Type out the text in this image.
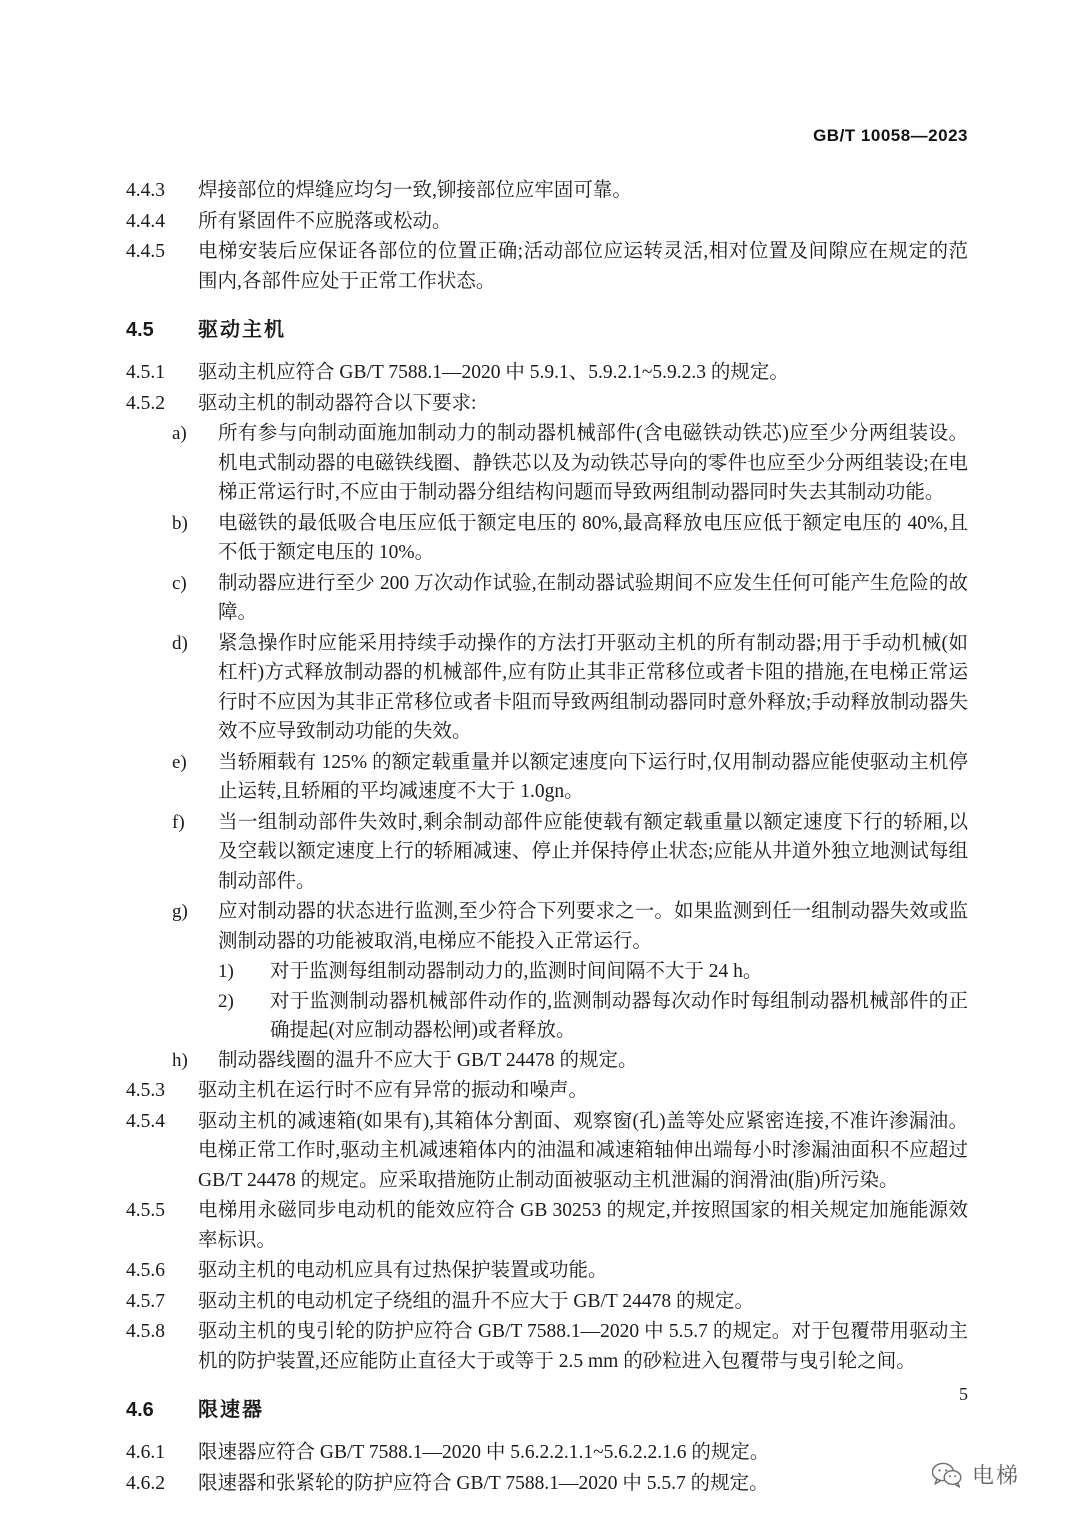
GB/T 10058—2023
4.4.3	焊接部位的焊缝应均匀一致,铆接部位应牢固可靠。
4.4.4	所有紧固件不应脱落或松动。
4.4.5	电梯安装后应保证各部位的位置正确;活动部位应运转灵活,相对位置及间隙应在规定的范围内,各部件应处于正常工作状态。
4.5	驱动主机
4.5.1	驱动主机应符合 GB/T 7588.1—2020 中 5.9.1、5.9.2.1~5.9.2.3 的规定。
4.5.2	驱动主机的制动器符合以下要求:
a)	所有参与向制动面施加制动力的制动器机械部件(含电磁铁动铁芯)应至少分两组装设。机电式制动器的电磁铁线圈、静铁芯以及为动铁芯导向的零件也应至少分两组装设;在电梯正常运行时,不应由于制动器分组结构问题而导致两组制动器同时失去其制动功能。
b)	电磁铁的最低吸合电压应低于额定电压的 80%,最高释放电压应低于额定电压的 40%,且不低于额定电压的 10%。
c)	制动器应进行至少 200 万次动作试验,在制动器试验期间不应发生任何可能产生危险的故障。
d)	紧急操作时应能采用持续手动操作的方法打开驱动主机的所有制动器;用于手动机械(如杠杆)方式释放制动器的机械部件,应有防止其非正常移位或者卡阻的措施,在电梯正常运行时不应因为其非正常移位或者卡阻而导致两组制动器同时意外释放;手动释放制动器失效不应导致制动功能的失效。
e)	当轿厢载有 125% 的额定载重量并以额定速度向下运行时,仅用制动器应能使驱动主机停止运转,且轿厢的平均减速度不大于 1.0gn。
f)	当一组制动部件失效时,剩余制动部件应能使载有额定载重量以额定速度下行的轿厢,以及空载以额定速度上行的轿厢减速、停止并保持停止状态;应能从井道外独立地测试每组制动部件。
g)	应对制动器的状态进行监测,至少符合下列要求之一。如果监测到任一组制动器失效或监测制动器的功能被取消,电梯应不能投入正常运行。
1)	对于监测每组制动器制动力的,监测时间间隔不大于 24 h。
2)	对于监测制动器机械部件动作的,监测制动器每次动作时每组制动器机械部件的正确提起(对应制动器松闸)或者释放。
h)	制动器线圈的温升不应大于 GB/T 24478 的规定。
4.5.3	驱动主机在运行时不应有异常的振动和噪声。
4.5.4	驱动主机的减速箱(如果有),其箱体分割面、观察窗(孔)盖等处应紧密连接,不准许渗漏油。电梯正常工作时,驱动主机减速箱体内的油温和减速箱轴伸出端每小时渗漏油面积不应超过 GB/T 24478 的规定。应采取措施防止制动面被驱动主机泄漏的润滑油(脂)所污染。
4.5.5	电梯用永磁同步电动机的能效应符合 GB 30253 的规定,并按照国家的相关规定加施能源效率标识。
4.5.6	驱动主机的电动机应具有过热保护装置或功能。
4.5.7	驱动主机的电动机定子绕组的温升不应大于 GB/T 24478 的规定。
4.5.8	驱动主机的曳引轮的防护应符合 GB/T 7588.1—2020 中 5.5.7 的规定。对于包覆带用驱动主机的防护装置,还应能防止直径大于或等于 2.5 mm 的砂粒进入包覆带与曳引轮之间。
4.6	限速器
4.6.1	限速器应符合 GB/T 7588.1—2020 中 5.6.2.2.1.1~5.6.2.2.1.6 的规定。
4.6.2	限速器和张紧轮的防护应符合 GB/T 7588.1—2020 中 5.5.7 的规定。
5
电梯
